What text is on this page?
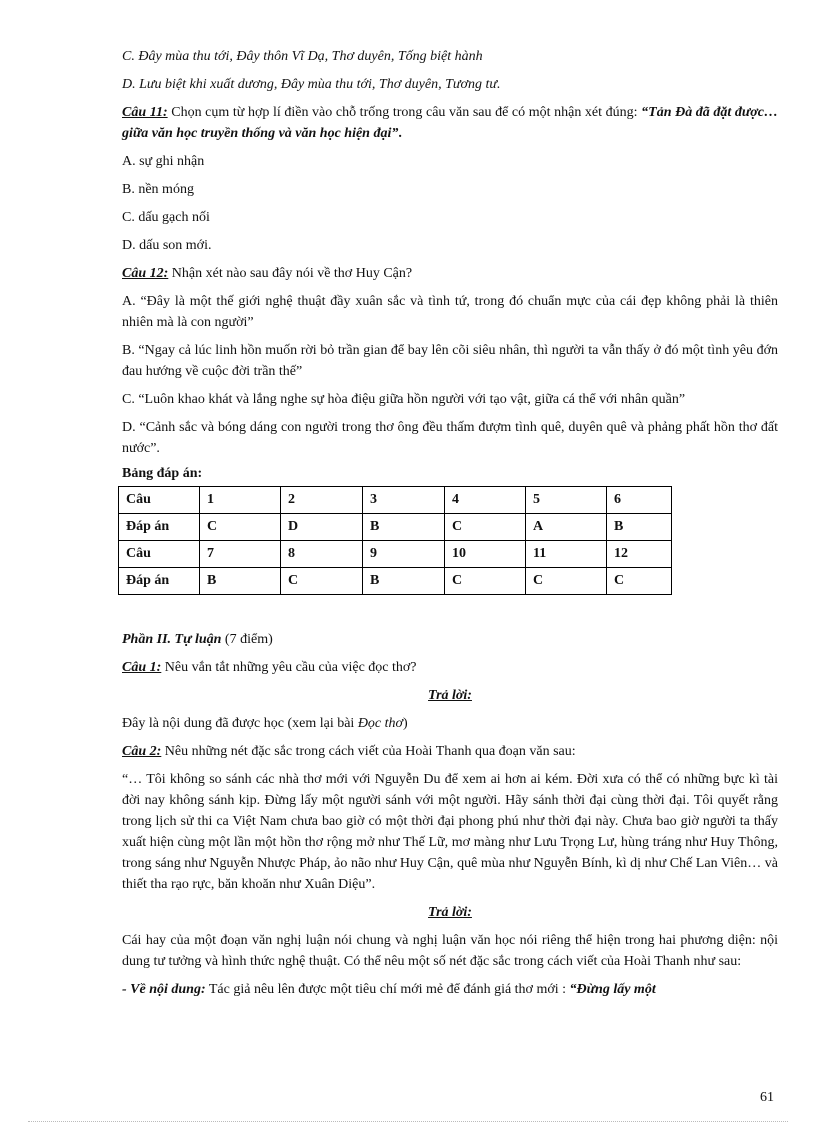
C. Đây mùa thu tới, Đây thôn Vĩ Dạ, Thơ duyên, Tống biệt hành

D. Lưu biệt khi xuất dương, Đây mùa thu tới, Thơ duyên, Tương tư.

Câu 11: Chọn cụm từ hợp lí điền vào chỗ trống trong câu văn sau để có một nhận xét đúng: “Tản Đà đã đặt được… giữa văn học truyền thống và văn học hiện đại”.

A. sự ghi nhận

B. nền móng

C. dấu gạch nối

D. dấu son mới.

Câu 12: Nhận xét nào sau đây nói về thơ Huy Cận?

A. “Đây là một thế giới nghệ thuật đầy xuân sắc và tình tứ, trong đó chuẩn mực của cái đẹp không phải là thiên nhiên mà là con người”

B. “Ngay cả lúc linh hồn muốn rời bỏ trần gian để bay lên cõi siêu nhân, thì người ta vẫn thấy ở đó một tình yêu đớn đau hướng về cuộc đời trần thế”

C. “Luôn khao khát và lắng nghe sự hòa điệu giữa hồn người với tạo vật, giữa cá thể với nhân quần”

D. “Cảnh sắc và bóng dáng con người trong thơ ông đều thấm đượm tình quê, duyên quê và phảng phất hồn thơ đất nước”.

Bảng đáp án:

Câu	1	2	3	4	5	6
Đáp án	C	D	B	C	A	B
Câu	7	8	9	10	11	12
Đáp án	B	C	B	C	C	C

Phần II. Tự luận (7 điểm)

Câu 1: Nêu vắn tắt những yêu cầu của việc đọc thơ?

Trả lời:

Đây là nội dung đã được học (xem lại bài Đọc thơ)

Câu 2: Nêu những nét đặc sắc trong cách viết của Hoài Thanh qua đoạn văn sau:

“… Tôi không so sánh các nhà thơ mới với Nguyễn Du để xem ai hơn ai kém. Đời xưa có thể có những bực kì tài đời nay không sánh kịp. Đừng lấy một người sánh với một người. Hãy sánh thời đại cùng thời đại. Tôi quyết rằng trong lịch sử thi ca Việt Nam chưa bao giờ có một thời đại phong phú như thời đại này. Chưa bao giờ người ta thấy xuất hiện cùng một lần một hồn thơ rộng mở như Thế Lữ, mơ màng như Lưu Trọng Lư, hùng tráng như Huy Thông, trong sáng như Nguyễn Nhược Pháp, ảo não như Huy Cận, quê mùa như Nguyễn Bính, kì dị như Chế Lan Viên… và thiết tha rạo rực, băn khoăn như Xuân Diệu”.

Trả lời:

Cái hay của một đoạn văn nghị luận nói chung và nghị luận văn học nói riêng thể hiện trong hai phương diện: nội dung tư tưởng và hình thức nghệ thuật. Có thể nêu một số nét đặc sắc trong cách viết của Hoài Thanh như sau:

- Về nội dung: Tác giả nêu lên được một tiêu chí mới mẻ để đánh giá thơ mới : “Đừng lấy một

61
